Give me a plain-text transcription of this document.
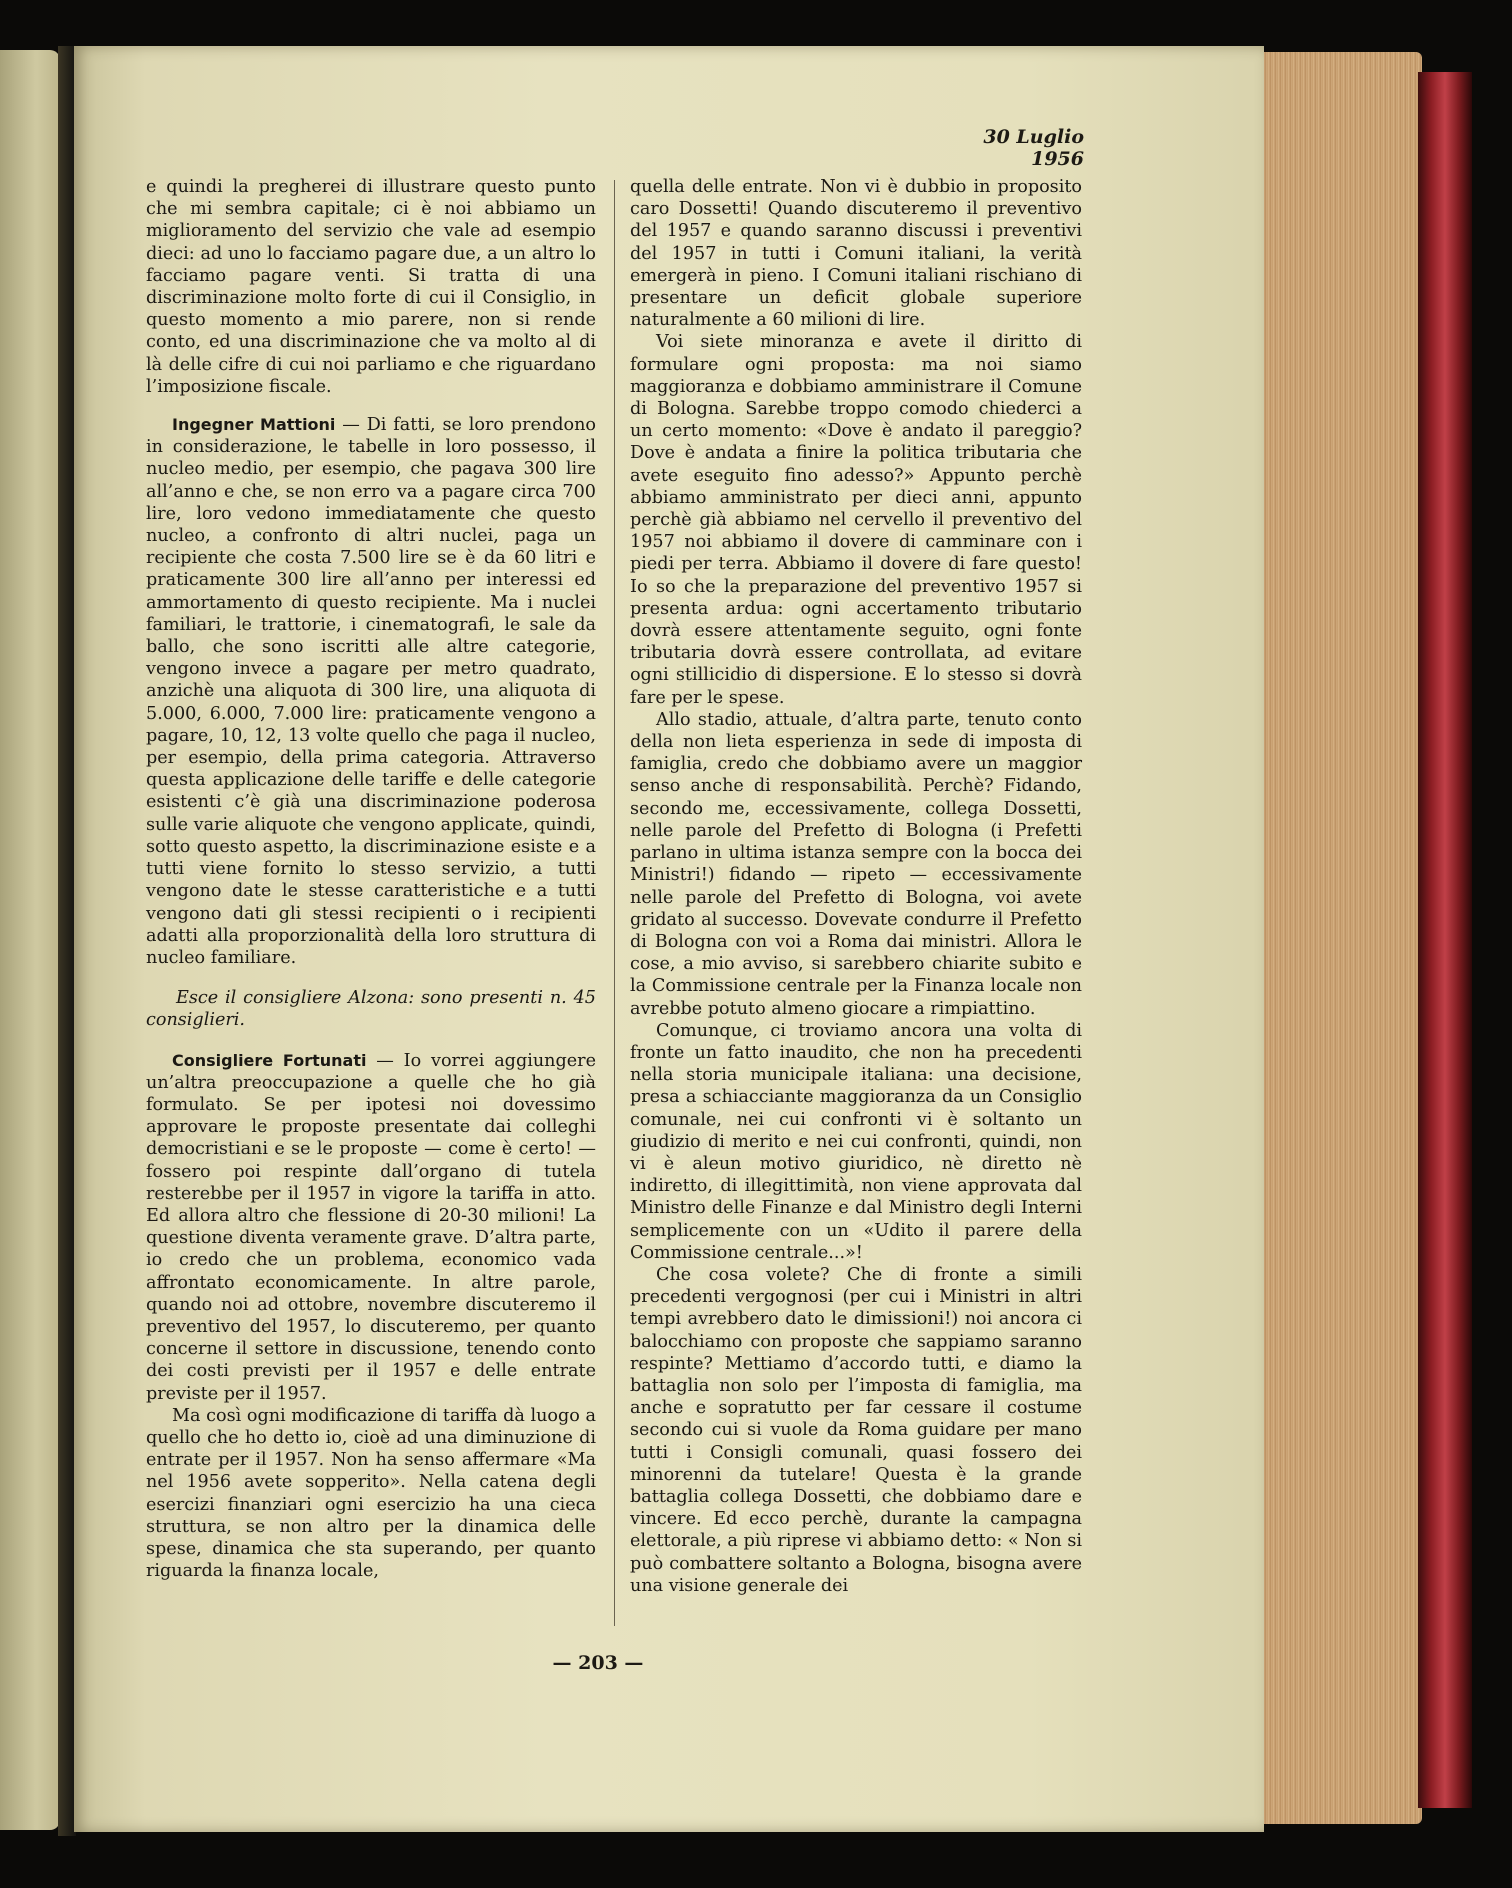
30 Luglio 1956

e quindi la pregherei di illustrare questo punto che mi sembra capitale; ci è noi abbiamo un miglioramento del servizio che vale ad esempio dieci: ad uno lo facciamo pagare due, a un altro lo facciamo pagare venti. Si tratta di una discriminazione molto forte di cui il Consiglio, in questo momento a mio parere, non si rende conto, ed una discriminazione che va molto al di là delle cifre di cui noi parliamo e che riguardano l’imposizione fiscale.

Ingegner Mattioni — Di fatti, se loro prendono in considerazione, le tabelle in loro possesso, il nucleo medio, per esempio, che pagava 300 lire all’anno e che, se non erro va a pagare circa 700 lire, loro vedono immediatamente che questo nucleo, a confronto di altri nuclei, paga un recipiente che costa 7.500 lire se è da 60 litri e praticamente 300 lire all’anno per interessi ed ammortamento di questo recipiente. Ma i nuclei familiari, le trattorie, i cinematografi, le sale da ballo, che sono iscritti alle altre categorie, vengono invece a pagare per metro quadrato, anzichè una aliquota di 300 lire, una aliquota di 5.000, 6.000, 7.000 lire: praticamente vengono a pagare, 10, 12, 13 volte quello che paga il nucleo, per esempio, della prima categoria. Attraverso questa applicazione delle tariffe e delle categorie esistenti c’è già una discriminazione poderosa sulle varie aliquote che vengono applicate, quindi, sotto questo aspetto, la discriminazione esiste e a tutti viene fornito lo stesso servizio, a tutti vengono date le stesse caratteristiche e a tutti vengono dati gli stessi recipienti o i recipienti adatti alla proporzionalità della loro struttura di nucleo familiare.

Esce il consigliere Alzona: sono presenti n. 45 consiglieri.

Consigliere Fortunati — Io vorrei aggiungere un’altra preoccupazione a quelle che ho già formulato. Se per ipotesi noi dovessimo approvare le proposte presentate dai colleghi democristiani e se le proposte — come è certo! — fossero poi respinte dall’organo di tutela resterebbe per il 1957 in vigore la tariffa in atto. Ed allora altro che flessione di 20-30 milioni! La questione diventa veramente grave. D’altra parte, io credo che un problema, economico vada affrontato economicamente. In altre parole, quando noi ad ottobre, novembre discuteremo il preventivo del 1957, lo discuteremo, per quanto concerne il settore in discussione, tenendo conto dei costi previsti per il 1957 e delle entrate previste per il 1957.

Ma così ogni modificazione di tariffa dà luogo a quello che ho detto io, cioè ad una diminuzione di entrate per il 1957. Non ha senso affermare «Ma nel 1956 avete sopperito». Nella catena degli esercizi finanziari ogni esercizio ha una cieca struttura, se non altro per la dinamica delle spese, dinamica che sta superando, per quanto riguarda la finanza locale,

quella delle entrate. Non vi è dubbio in proposito caro Dossetti! Quando discuteremo il preventivo del 1957 e quando saranno discussi i preventivi del 1957 in tutti i Comuni italiani, la verità emergerà in pieno. I Comuni italiani rischiano di presentare un deficit globale superiore naturalmente a 60 milioni di lire.

Voi siete minoranza e avete il diritto di formulare ogni proposta: ma noi siamo maggioranza e dobbiamo amministrare il Comune di Bologna. Sarebbe troppo comodo chiederci a un certo momento: «Dove è andato il pareggio? Dove è andata a finire la politica tributaria che avete eseguito fino adesso?» Appunto perchè abbiamo amministrato per dieci anni, appunto perchè già abbiamo nel cervello il preventivo del 1957 noi abbiamo il dovere di camminare con i piedi per terra. Abbiamo il dovere di fare questo! Io so che la preparazione del preventivo 1957 si presenta ardua: ogni accertamento tributario dovrà essere attentamente seguito, ogni fonte tributaria dovrà essere controllata, ad evitare ogni stillicidio di dispersione. E lo stesso si dovrà fare per le spese.

Allo stadio, attuale, d’altra parte, tenuto conto della non lieta esperienza in sede di imposta di famiglia, credo che dobbiamo avere un maggior senso anche di responsabilità. Perchè? Fidando, secondo me, eccessivamente, collega Dossetti, nelle parole del Prefetto di Bologna (i Prefetti parlano in ultima istanza sempre con la bocca dei Ministri!) fidando — ripeto — eccessivamente nelle parole del Prefetto di Bologna, voi avete gridato al successo. Dovevate condurre il Prefetto di Bologna con voi a Roma dai ministri. Allora le cose, a mio avviso, si sarebbero chiarite subito e la Commissione centrale per la Finanza locale non avrebbe potuto almeno giocare a rimpiattino.

Comunque, ci troviamo ancora una volta di fronte un fatto inaudito, che non ha precedenti nella storia municipale italiana: una decisione, presa a schiacciante maggioranza da un Consiglio comunale, nei cui confronti vi è soltanto un giudizio di merito e nei cui confronti, quindi, non vi è aleun motivo giuridico, nè diretto nè indiretto, di illegittimità, non viene approvata dal Ministro delle Finanze e dal Ministro degli Interni semplicemente con un «Udito il parere della Commissione centrale...»!

Che cosa volete? Che di fronte a simili precedenti vergognosi (per cui i Ministri in altri tempi avrebbero dato le dimissioni!) noi ancora ci balocchiamo con proposte che sappiamo saranno respinte? Mettiamo d’accordo tutti, e diamo la battaglia non solo per l’imposta di famiglia, ma anche e sopratutto per far cessare il costume secondo cui si vuole da Roma guidare per mano tutti i Consigli comunali, quasi fossero dei minorenni da tutelare! Questa è la grande battaglia collega Dossetti, che dobbiamo dare e vincere. Ed ecco perchè, durante la campagna elettorale, a più riprese vi abbiamo detto: « Non si può combattere soltanto a Bologna, bisogna avere una visione generale dei

— 203 —
